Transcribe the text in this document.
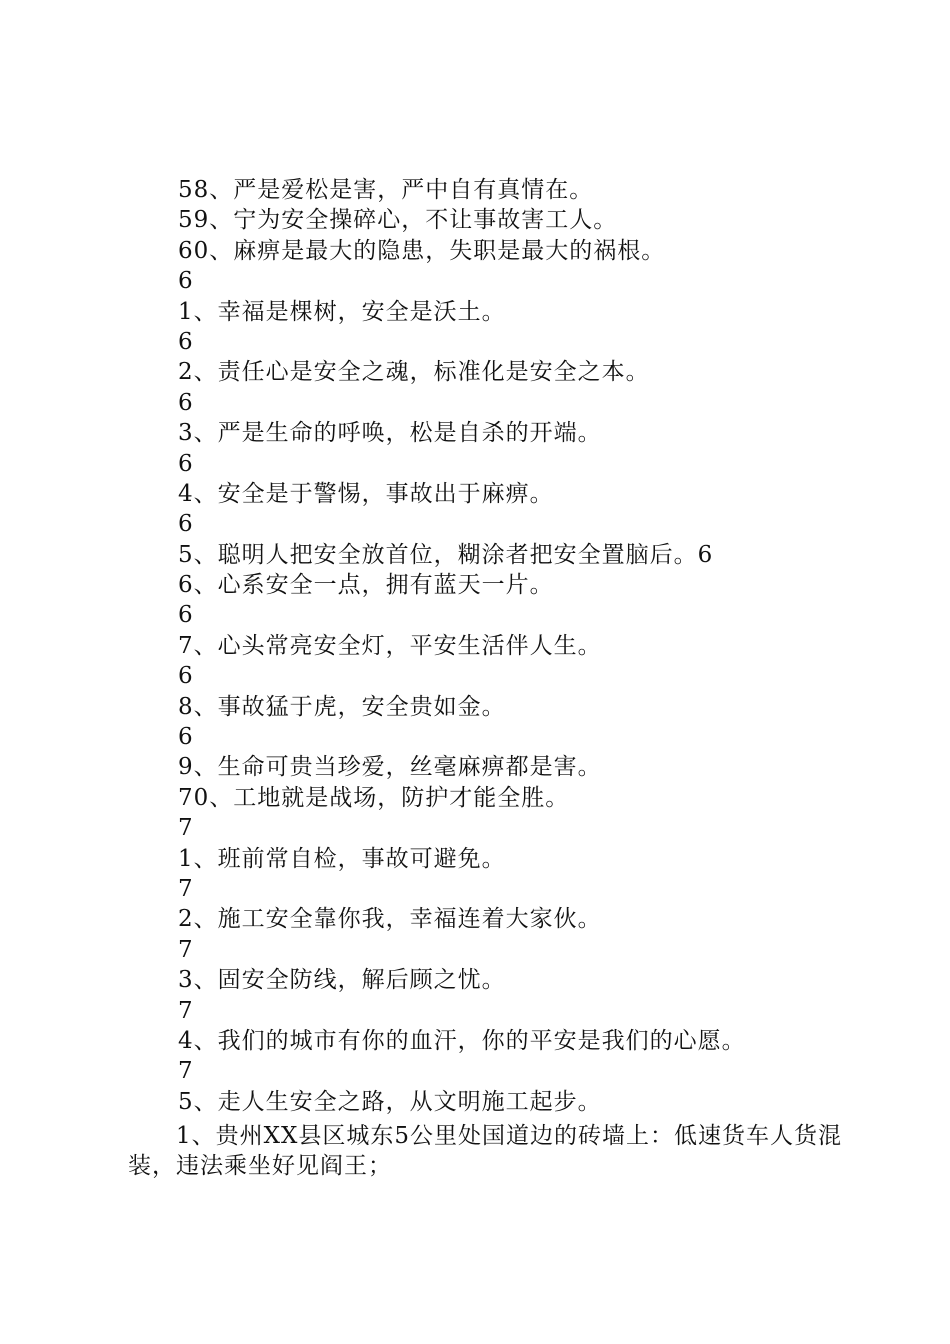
58、严是爱松是害，严中自有真情在。
59、宁为安全操碎心，不让事故害工人。
60、麻痹是最大的隐患，失职是最大的祸根。
6
1、幸福是棵树，安全是沃土。
6
2、责任心是安全之魂，标准化是安全之本。
6
3、严是生命的呼唤，松是自杀的开端。
6
4、安全是于警惕，事故出于麻痹。
6
5、聪明人把安全放首位，糊涂者把安全置脑后。6
6、心系安全一点，拥有蓝天一片。
6
7、心头常亮安全灯，平安生活伴人生。
6
8、事故猛于虎，安全贵如金。
6
9、生命可贵当珍爱，丝毫麻痹都是害。
70、工地就是战场，防护才能全胜。
7
1、班前常自检，事故可避免。
7
2、施工安全靠你我，幸福连着大家伙。
7
3、固安全防线，解后顾之忧。
7
4、我们的城市有你的血汗，你的平安是我们的心愿。
7
5、走人生安全之路，从文明施工起步。

1、贵州XX县区城东5公里处国道边的砖墙上：低速货车人货混装，违法乘坐好见阎王；
